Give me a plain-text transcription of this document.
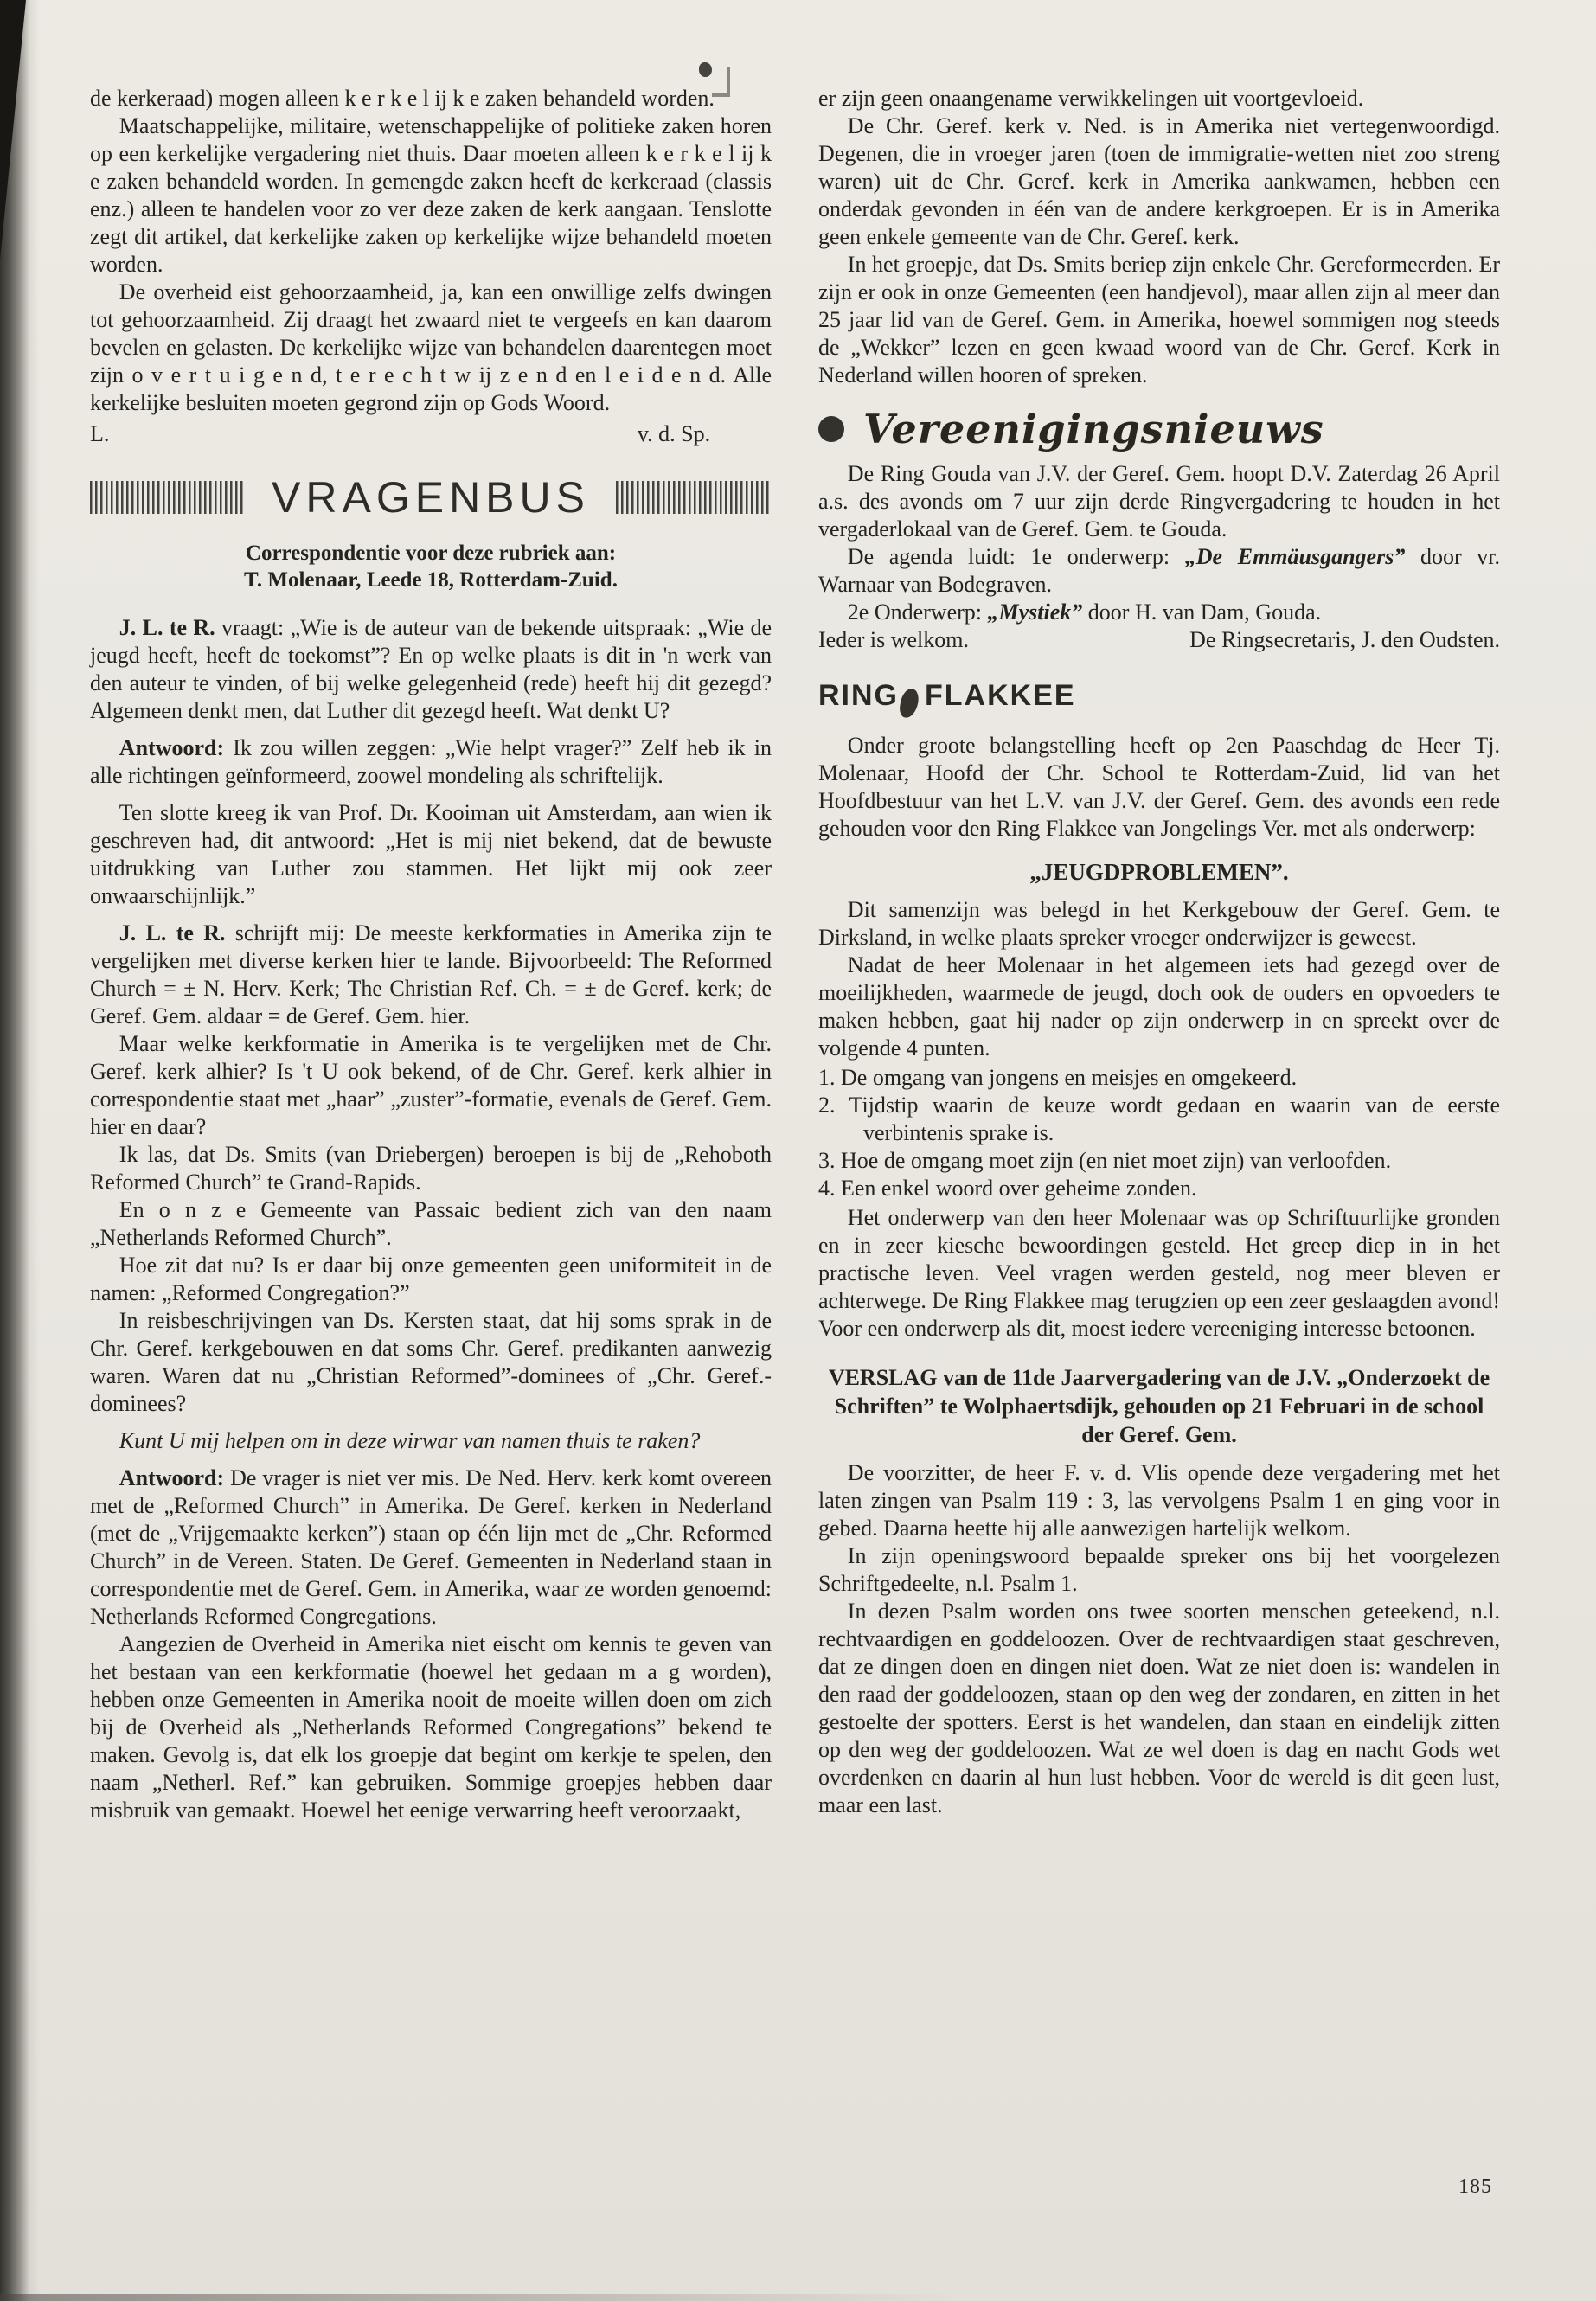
de kerkeraad) mogen alleen k e r k e l ij k e zaken behandeld worden.

Maatschappelijke, militaire, wetenschappelijke of politieke zaken horen op een kerkelijke vergadering niet thuis. Daar moeten alleen k e r k e l ij k e zaken behandeld worden. In gemengde zaken heeft de kerkeraad (classis enz.) alleen te handelen voor zo ver deze zaken de kerk aangaan. Tenslotte zegt dit artikel, dat kerkelijke zaken op kerkelijke wijze behandeld moeten worden.

De overheid eist gehoorzaamheid, ja, kan een onwillige zelfs dwingen tot gehoorzaamheid. Zij draagt het zwaard niet te vergeefs en kan daarom bevelen en gelasten. De kerkelijke wijze van behandelen daarentegen moet zijn o v e r t u i g e n d, t e r e c h t w ij z e n d en l e i d e n d. Alle kerkelijke besluiten moeten gegrond zijn op Gods Woord.

L.	v. d. Sp.
VRAGENBUS
Correspondentie voor deze rubriek aan:
T. Molenaar, Leede 18, Rotterdam-Zuid.

J. L. te R. vraagt: „Wie is de auteur van de bekende uitspraak: „Wie de jeugd heeft, heeft de toekomst”? En op welke plaats is dit in 'n werk van den auteur te vinden, of bij welke gelegenheid (rede) heeft hij dit gezegd? Algemeen denkt men, dat Luther dit gezegd heeft. Wat denkt U?

Antwoord: Ik zou willen zeggen: „Wie helpt vrager?” Zelf heb ik in alle richtingen geïnformeerd, zoowel mondeling als schriftelijk.

Ten slotte kreeg ik van Prof. Dr. Kooiman uit Amsterdam, aan wien ik geschreven had, dit antwoord: „Het is mij niet bekend, dat de bewuste uitdrukking van Luther zou stammen. Het lijkt mij ook zeer onwaarschijnlijk.”

J. L. te R. schrijft mij: De meeste kerkformaties in Amerika zijn te vergelijken met diverse kerken hier te lande. Bijvoorbeeld: The Reformed Church = ± N. Herv. Kerk; The Christian Ref. Ch. = ± de Geref. kerk; de Geref. Gem. aldaar = de Geref. Gem. hier.

Maar welke kerkformatie in Amerika is te vergelijken met de Chr. Geref. kerk alhier? Is 't U ook bekend, of de Chr. Geref. kerk alhier in correspondentie staat met „haar” „zuster”-formatie, evenals de Geref. Gem. hier en daar?

Ik las, dat Ds. Smits (van Driebergen) beroepen is bij de „Rehoboth Reformed Church” te Grand-Rapids.

En o n z e Gemeente van Passaic bedient zich van den naam „Netherlands Reformed Church”.

Hoe zit dat nu? Is er daar bij onze gemeenten geen uniformiteit in de namen: „Reformed Congregation?”

In reisbeschrijvingen van Ds. Kersten staat, dat hij soms sprak in de Chr. Geref. kerkgebouwen en dat soms Chr. Geref. predikanten aanwezig waren. Waren dat nu „Christian Reformed”-dominees of „Chr. Geref.-dominees?

Kunt U mij helpen om in deze wirwar van namen thuis te raken?

Antwoord: De vrager is niet ver mis. De Ned. Herv. kerk komt overeen met de „Reformed Church” in Amerika. De Geref. kerken in Nederland (met de „Vrijgemaakte kerken”) staan op één lijn met de „Chr. Reformed Church” in de Vereen. Staten. De Geref. Gemeenten in Nederland staan in correspondentie met de Geref. Gem. in Amerika, waar ze worden genoemd: Netherlands Reformed Congregations.

Aangezien de Overheid in Amerika niet eischt om kennis te geven van het bestaan van een kerkformatie (hoewel het gedaan m a g worden), hebben onze Gemeenten in Amerika nooit de moeite willen doen om zich bij de Overheid als „Netherlands Reformed Congregations” bekend te maken. Gevolg is, dat elk los groepje dat begint om kerkje te spelen, den naam „Netherl. Ref.” kan gebruiken. Sommige groepjes hebben daar misbruik van gemaakt. Hoewel het eenige verwarring heeft veroorzaakt,

er zijn geen onaangename verwikkelingen uit voortgevloeid.

De Chr. Geref. kerk v. Ned. is in Amerika niet vertegenwoordigd. Degenen, die in vroeger jaren (toen de immigratie-wetten niet zoo streng waren) uit de Chr. Geref. kerk in Amerika aankwamen, hebben een onderdak gevonden in één van de andere kerkgroepen. Er is in Amerika geen enkele gemeente van de Chr. Geref. kerk.

In het groepje, dat Ds. Smits beriep zijn enkele Chr. Gereformeerden. Er zijn er ook in onze Gemeenten (een handjevol), maar allen zijn al meer dan 25 jaar lid van de Geref. Gem. in Amerika, hoewel sommigen nog steeds de „Wekker” lezen en geen kwaad woord van de Chr. Geref. Kerk in Nederland willen hooren of spreken.

Vereenigingsnieuws

De Ring Gouda van J.V. der Geref. Gem. hoopt D.V. Zaterdag 26 April a.s. des avonds om 7 uur zijn derde Ringvergadering te houden in het vergaderlokaal van de Geref. Gem. te Gouda.

De agenda luidt: 1e onderwerp: „De Emmäusgangers” door vr. Warnaar van Bodegraven.

2e Onderwerp: „Mystiek” door H. van Dam, Gouda.

Ieder is welkom.	De Ringsecretaris, J. den Oudsten.
RING FLAKKEE

Onder groote belangstelling heeft op 2en Paaschdag de Heer Tj. Molenaar, Hoofd der Chr. School te Rotterdam-Zuid, lid van het Hoofdbestuur van het L.V. van J.V. der Geref. Gem. des avonds een rede gehouden voor den Ring Flakkee van Jongelings Ver. met als onderwerp:

„JEUGDPROBLEMEN”.

Dit samenzijn was belegd in het Kerkgebouw der Geref. Gem. te Dirksland, in welke plaats spreker vroeger onderwijzer is geweest.

Nadat de heer Molenaar in het algemeen iets had gezegd over de moeilijkheden, waarmede de jeugd, doch ook de ouders en opvoeders te maken hebben, gaat hij nader op zijn onderwerp in en spreekt over de volgende 4 punten.

1. De omgang van jongens en meisjes en omgekeerd.
2. Tijdstip waarin de keuze wordt gedaan en waarin van de eerste verbintenis sprake is.
3. Hoe de omgang moet zijn (en niet moet zijn) van verloofden.
4. Een enkel woord over geheime zonden.

Het onderwerp van den heer Molenaar was op Schriftuurlijke gronden en in zeer kiesche bewoordingen gesteld. Het greep diep in in het practische leven. Veel vragen werden gesteld, nog meer bleven er achterwege. De Ring Flakkee mag terugzien op een zeer geslaagden avond! Voor een onderwerp als dit, moest iedere vereeniging interesse betoonen.

VERSLAG van de 11de Jaarvergadering van de J.V. „Onderzoekt de Schriften” te Wolphaertsdijk, gehouden op 21 Februari in de school der Geref. Gem.

De voorzitter, de heer F. v. d. Vlis opende deze vergadering met het laten zingen van Psalm 119 : 3, las vervolgens Psalm 1 en ging voor in gebed. Daarna heette hij alle aanwezigen hartelijk welkom.

In zijn openingswoord bepaalde spreker ons bij het voorgelezen Schriftgedeelte, n.l. Psalm 1.

In dezen Psalm worden ons twee soorten menschen geteekend, n.l. rechtvaardigen en goddeloozen. Over de rechtvaardigen staat geschreven, dat ze dingen doen en dingen niet doen. Wat ze niet doen is: wandelen in den raad der goddeloozen, staan op den weg der zondaren, en zitten in het gestoelte der spotters. Eerst is het wandelen, dan staan en eindelijk zitten op den weg der goddeloozen. Wat ze wel doen is dag en nacht Gods wet overdenken en daarin al hun lust hebben. Voor de wereld is dit geen lust, maar een last.

185
